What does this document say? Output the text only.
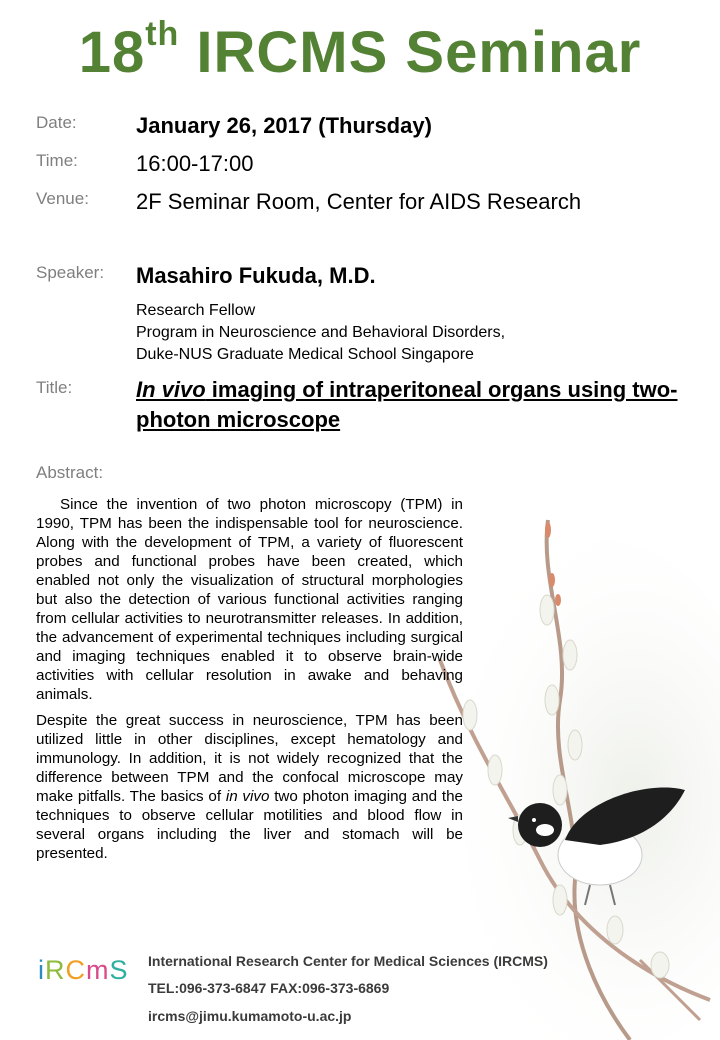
18th IRCMS Seminar
Date:	January 26, 2017 (Thursday)
Time:	16:00-17:00
Venue: 2F Seminar Room, Center for AIDS Research
Speaker: Masahiro Fukuda, M.D.
Research Fellow
Program in Neuroscience and Behavioral Disorders,
Duke-NUS Graduate Medical School Singapore
Title:	In vivo imaging of intraperitoneal organs using two-photon microscope
Abstract:

Since the invention of two photon microscopy (TPM) in 1990, TPM has been the indispensable tool for neuroscience. Along with the development of TPM, a variety of fluorescent probes and functional probes have been created, which enabled not only the visualization of structural morphologies but also the detection of various functional activities ranging from cellular activities to neurotransmitter releases. In addition, the advancement of experimental techniques including surgical and imaging techniques enabled it to observe brain-wide activities with cellular resolution in awake and behaving animals.

Despite the great success in neuroscience, TPM has been utilized little in other disciplines, except hematology and immunology. In addition, it is not widely recognized that the difference between TPM and the confocal microscope may make pitfalls. The basics of in vivo two photon imaging and the techniques to observe cellular motilities and blood flow in several organs including the liver and stomach will be presented.

iRCmS International Research Center for Medical Sciences (IRCMS)
TEL:096-373-6847 FAX:096-373-6869
ircms@jimu.kumamoto-u.ac.jp
